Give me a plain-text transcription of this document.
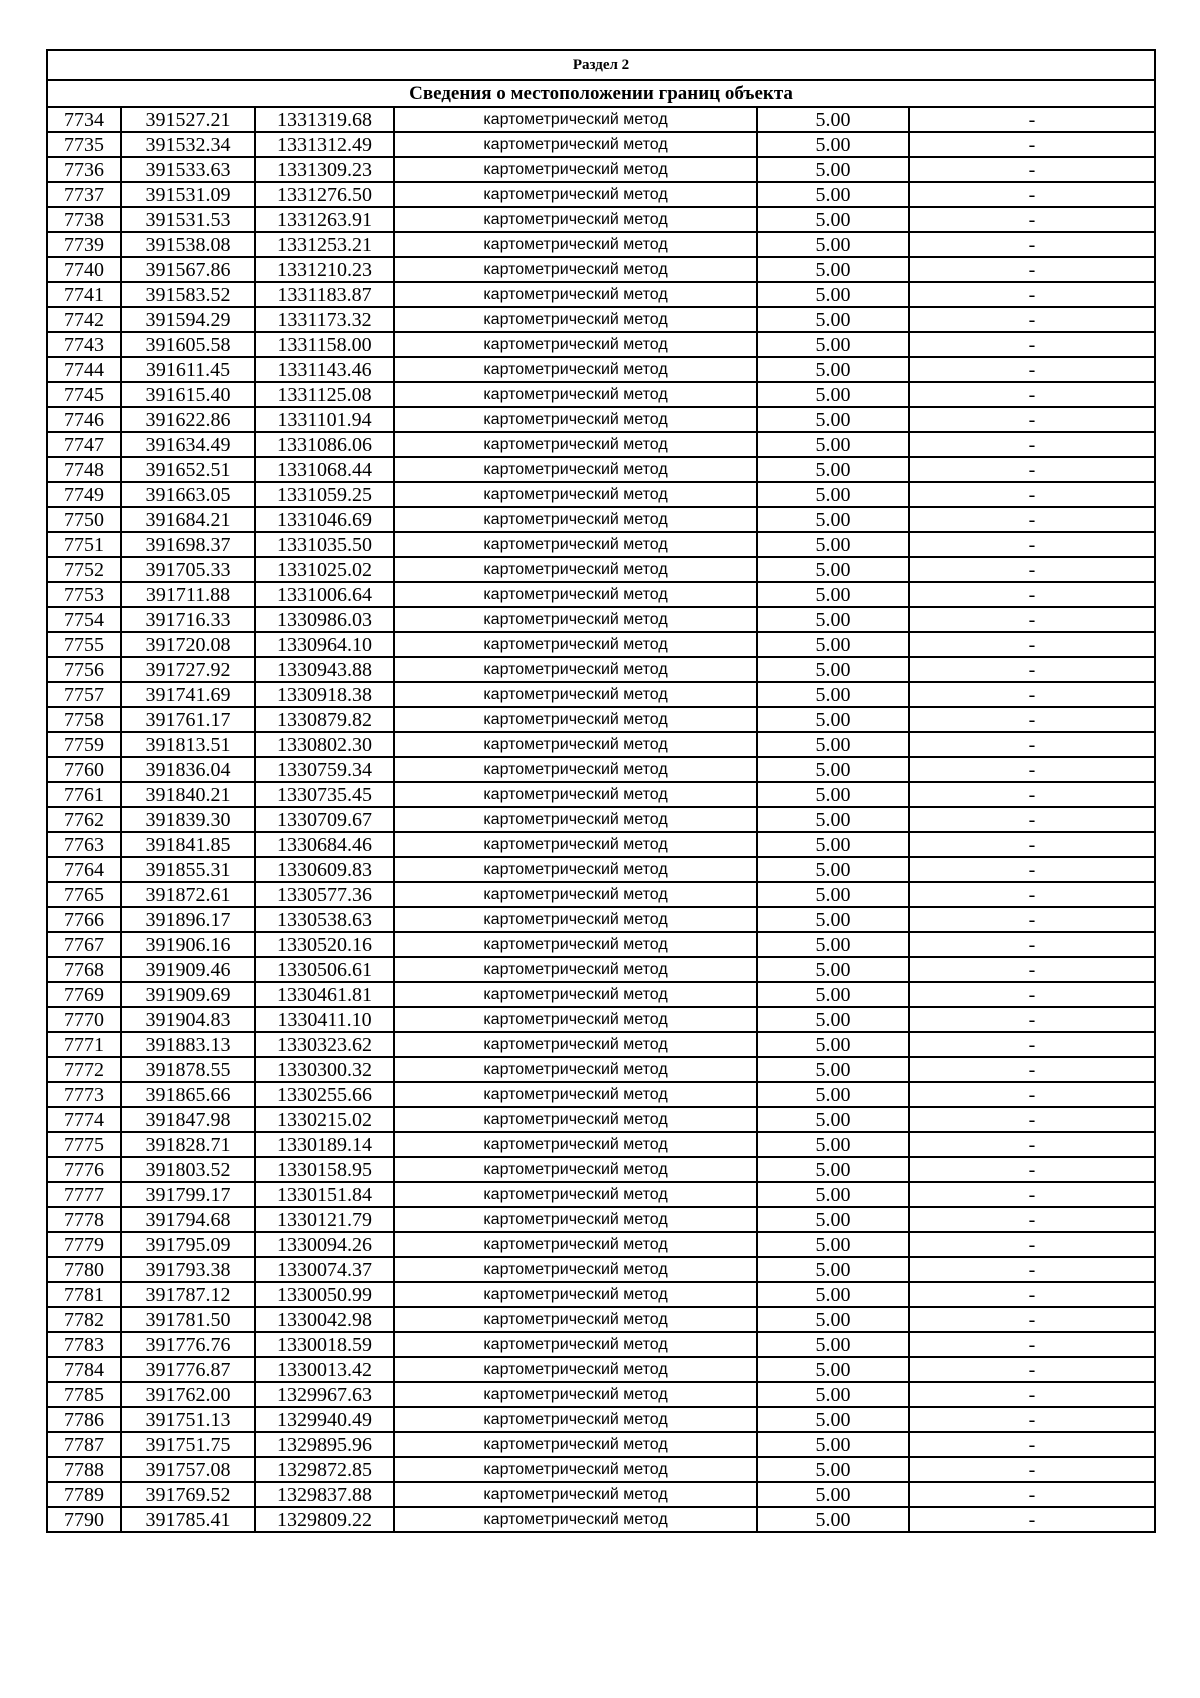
Раздел 2					
Сведения о местоположении границ объекта					
7734	391527.21	1331319.68	картометрический метод	5.00	-
7735	391532.34	1331312.49	картометрический метод	5.00	-
7736	391533.63	1331309.23	картометрический метод	5.00	-
7737	391531.09	1331276.50	картометрический метод	5.00	-
7738	391531.53	1331263.91	картометрический метод	5.00	-
7739	391538.08	1331253.21	картометрический метод	5.00	-
7740	391567.86	1331210.23	картометрический метод	5.00	-
7741	391583.52	1331183.87	картометрический метод	5.00	-
7742	391594.29	1331173.32	картометрический метод	5.00	-
7743	391605.58	1331158.00	картометрический метод	5.00	-
7744	391611.45	1331143.46	картометрический метод	5.00	-
7745	391615.40	1331125.08	картометрический метод	5.00	-
7746	391622.86	1331101.94	картометрический метод	5.00	-
7747	391634.49	1331086.06	картометрический метод	5.00	-
7748	391652.51	1331068.44	картометрический метод	5.00	-
7749	391663.05	1331059.25	картометрический метод	5.00	-
7750	391684.21	1331046.69	картометрический метод	5.00	-
7751	391698.37	1331035.50	картометрический метод	5.00	-
7752	391705.33	1331025.02	картометрический метод	5.00	-
7753	391711.88	1331006.64	картометрический метод	5.00	-
7754	391716.33	1330986.03	картометрический метод	5.00	-
7755	391720.08	1330964.10	картометрический метод	5.00	-
7756	391727.92	1330943.88	картометрический метод	5.00	-
7757	391741.69	1330918.38	картометрический метод	5.00	-
7758	391761.17	1330879.82	картометрический метод	5.00	-
7759	391813.51	1330802.30	картометрический метод	5.00	-
7760	391836.04	1330759.34	картометрический метод	5.00	-
7761	391840.21	1330735.45	картометрический метод	5.00	-
7762	391839.30	1330709.67	картометрический метод	5.00	-
7763	391841.85	1330684.46	картометрический метод	5.00	-
7764	391855.31	1330609.83	картометрический метод	5.00	-
7765	391872.61	1330577.36	картометрический метод	5.00	-
7766	391896.17	1330538.63	картометрический метод	5.00	-
7767	391906.16	1330520.16	картометрический метод	5.00	-
7768	391909.46	1330506.61	картометрический метод	5.00	-
7769	391909.69	1330461.81	картометрический метод	5.00	-
7770	391904.83	1330411.10	картометрический метод	5.00	-
7771	391883.13	1330323.62	картометрический метод	5.00	-
7772	391878.55	1330300.32	картометрический метод	5.00	-
7773	391865.66	1330255.66	картометрический метод	5.00	-
7774	391847.98	1330215.02	картометрический метод	5.00	-
7775	391828.71	1330189.14	картометрический метод	5.00	-
7776	391803.52	1330158.95	картометрический метод	5.00	-
7777	391799.17	1330151.84	картометрический метод	5.00	-
7778	391794.68	1330121.79	картометрический метод	5.00	-
7779	391795.09	1330094.26	картометрический метод	5.00	-
7780	391793.38	1330074.37	картометрический метод	5.00	-
7781	391787.12	1330050.99	картометрический метод	5.00	-
7782	391781.50	1330042.98	картометрический метод	5.00	-
7783	391776.76	1330018.59	картометрический метод	5.00	-
7784	391776.87	1330013.42	картометрический метод	5.00	-
7785	391762.00	1329967.63	картометрический метод	5.00	-
7786	391751.13	1329940.49	картометрический метод	5.00	-
7787	391751.75	1329895.96	картометрический метод	5.00	-
7788	391757.08	1329872.85	картометрический метод	5.00	-
7789	391769.52	1329837.88	картометрический метод	5.00	-
7790	391785.41	1329809.22	картометрический метод	5.00	-
